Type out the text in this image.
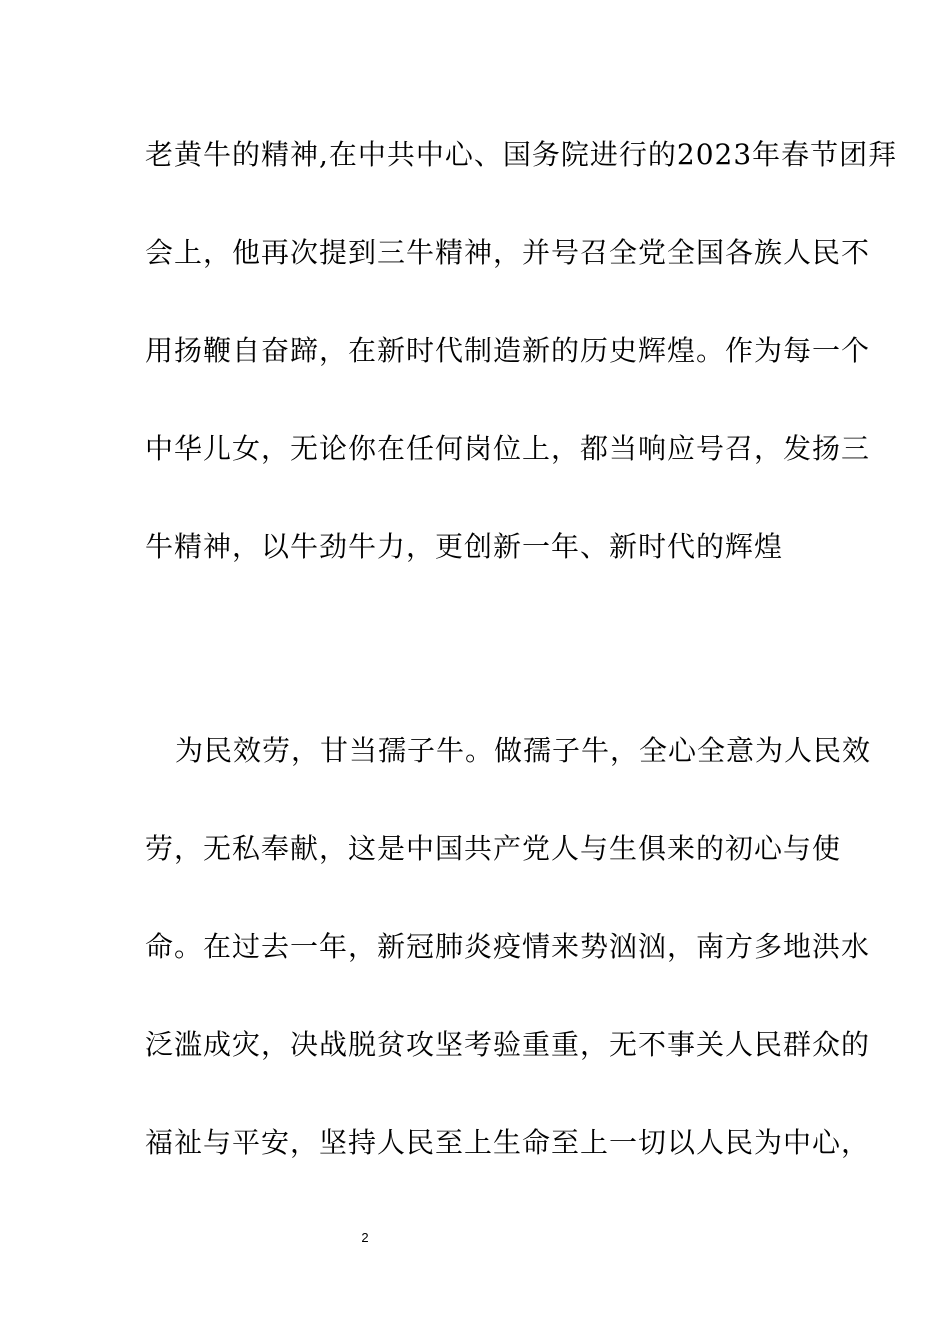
老黄牛的精神,在中共中心、国务院进行的2023年春节团拜
会上，他再次提到三牛精神，并号召全党全国各族人民不
用扬鞭自奋蹄，在新时代制造新的历史辉煌。作为每一个
中华儿女，无论你在任何岗位上，都当响应号召，发扬三
牛精神，以牛劲牛力，更创新一年、新时代的辉煌
为民效劳，甘当孺子牛。做孺子牛，全心全意为人民效
劳，无私奉献，这是中国共产党人与生俱来的初心与使
命。在过去一年，新冠肺炎疫情来势汹汹，南方多地洪水
泛滥成灾，决战脱贫攻坚考验重重，无不事关人民群众的
福祉与平安，坚持人民至上生命至上一切以人民为中心，
2
